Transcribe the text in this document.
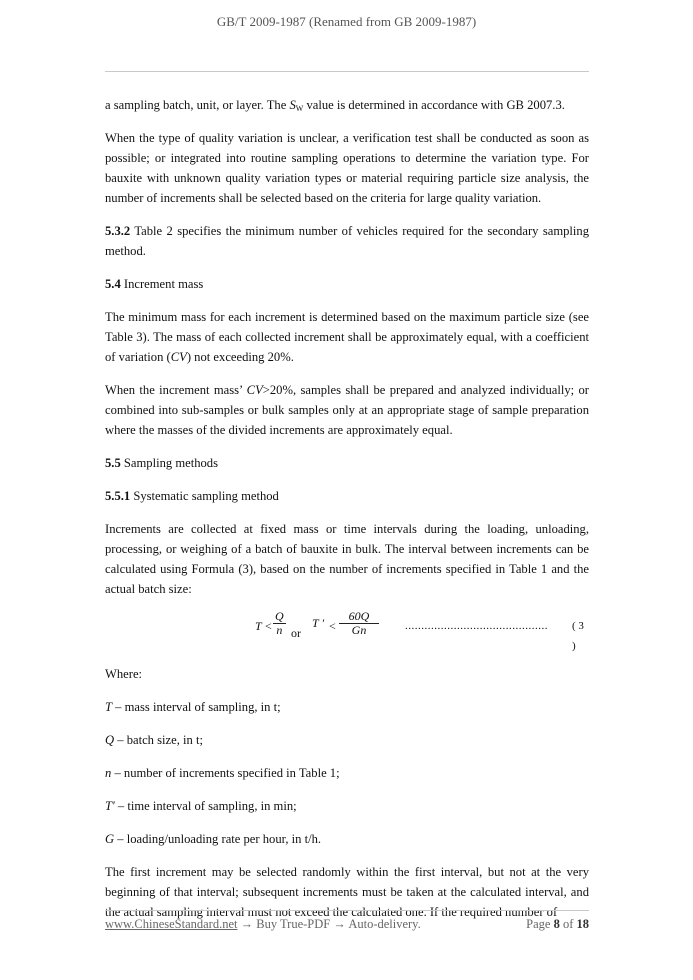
GB/T 2009-1987 (Renamed from GB 2009-1987)

a sampling batch, unit, or layer. The $S_W$ value is determined in accordance with GB 2007.3.

When the type of quality variation is unclear, a verification test shall be conducted as soon as possible; or integrated into routine sampling operations to determine the variation type. For bauxite with unknown quality variation types or material requiring particle size analysis, the number of increments shall be selected based on the criteria for large quality variation.

5.3.2 Table 2 specifies the minimum number of vehicles required for the secondary sampling method.

5.4 Increment mass

The minimum mass for each increment is determined based on the maximum particle size (see Table 3). The mass of each collected increment shall be approximately equal, with a coefficient of variation (CV) not exceeding 20%.

When the increment mass’ CV>20%, samples shall be prepared and analyzed individually; or combined into sub-samples or bulk samples only at an appropriate stage of sample preparation where the masses of the divided increments are approximately equal.

5.5 Sampling methods

5.5.1 Systematic sampling method

Increments are collected at fixed mass or time intervals during the loading, unloading, processing, or weighing of a batch of bauxite in bulk. The interval between increments can be calculated using Formula (3), based on the number of increments specified in Table 1 and the actual batch size:

$T < \frac{Q}{n}$ or
T ′ < $\frac{60Q}{Gn}$ ............................................ ( 3 )

Where:

T – mass interval of sampling, in t;

Q – batch size, in t;

n – number of increments specified in Table 1;

T′ – time interval of sampling, in min;

G – loading/unloading rate per hour, in t/h.

The first increment may be selected randomly within the first interval, but not at the very beginning of that interval; subsequent increments must be taken at the calculated interval, and the actual sampling interval must not exceed the calculated one. If the required number of

www.ChineseStandard.net → Buy True-PDF → Auto-delivery.	Page 8 of 18
